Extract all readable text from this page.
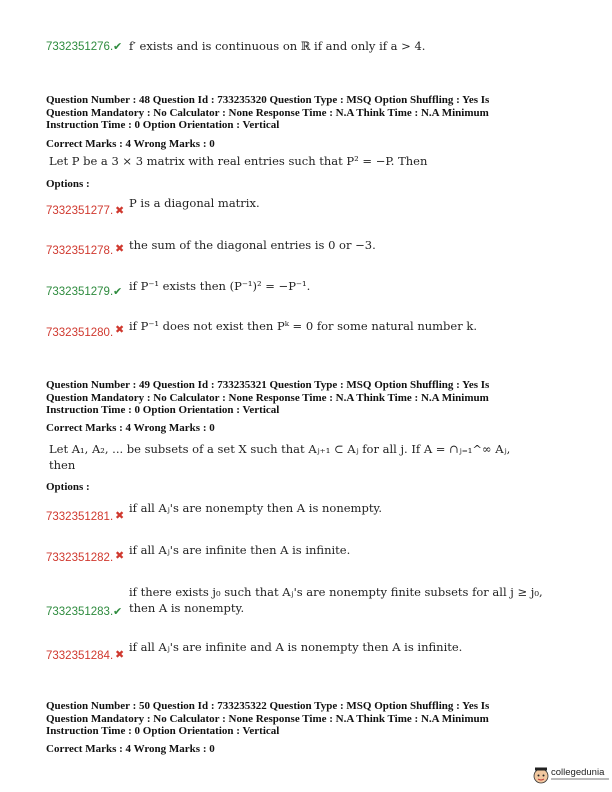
7332351276. ✔ f′ exists and is continuous on ℝ if and only if a > 4.
Question Number : 48 Question Id : 733235320 Question Type : MSQ Option Shuffling : Yes Is
Question Mandatory : No Calculator : None Response Time : N.A Think Time : N.A Minimum
Instruction Time : 0 Option Orientation : Vertical
Correct Marks : 4 Wrong Marks : 0
Let P be a 3 × 3 matrix with real entries such that P² = −P. Then
Options :
7332351277. ✖
P is a diagonal matrix.
7332351278. ✖ the sum of the diagonal entries is 0 or −3.
7332351279. ✔ if P⁻¹ exists then (P⁻¹)² = −P⁻¹.
7332351280. ✖ if P⁻¹ does not exist then Pᵏ = 0 for some natural number k.
Question Number : 49 Question Id : 733235321 Question Type : MSQ Option Shuffling : Yes Is
Question Mandatory : No Calculator : None Response Time : N.A Think Time : N.A Minimum
Instruction Time : 0 Option Orientation : Vertical
Correct Marks : 4 Wrong Marks : 0
Let A₁, A₂, ... be subsets of a set X such that Aⱼ₊₁ ⊂ Aⱼ for all j. If A = ∩ⱼ₌₁^∞ Aⱼ,
then
Options :
7332351281. ✖
if all Aⱼ's are nonempty then A is nonempty.
7332351282. ✖ if all Aⱼ's are infinite then A is infinite.
7332351283. ✔
if there exists j₀ such that Aⱼ's are nonempty finite subsets for all j ≥ j₀,
then A is nonempty.
7332351284. ✖
if all Aⱼ's are infinite and A is nonempty then A is infinite.
Question Number : 50 Question Id : 733235322 Question Type : MSQ Option Shuffling : Yes Is
Question Mandatory : No Calculator : None Response Time : N.A Think Time : N.A Minimum
Instruction Time : 0 Option Orientation : Vertical
Correct Marks : 4 Wrong Marks : 0
collegedunia
